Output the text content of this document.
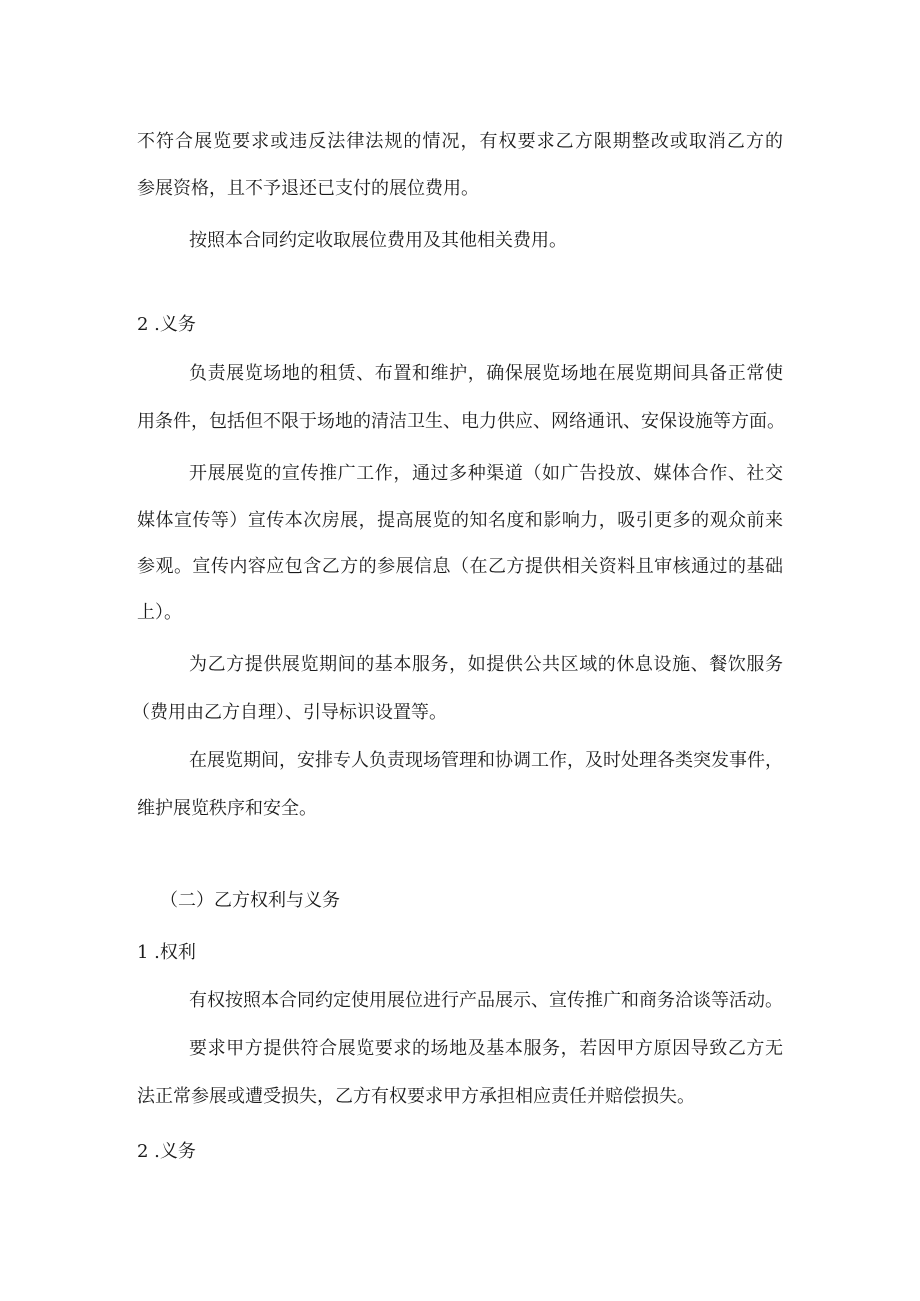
不符合展览要求或违反法律法规的情况，有权要求乙方限期整改或取消乙方的
参展资格，且不予退还已支付的展位费用。
按照本合同约定收取展位费用及其他相关费用。
2 .义务
负责展览场地的租赁、布置和维护，确保展览场地在展览期间具备正常使
用条件，包括但不限于场地的清洁卫生、电力供应、网络通讯、安保设施等方面。
开展展览的宣传推广工作，通过多种渠道（如广告投放、媒体合作、社交
媒体宣传等）宣传本次房展，提高展览的知名度和影响力，吸引更多的观众前来
参观。宣传内容应包含乙方的参展信息（在乙方提供相关资料且审核通过的基础
上）。
为乙方提供展览期间的基本服务，如提供公共区域的休息设施、餐饮服务
（费用由乙方自理）、引导标识设置等。
在展览期间，安排专人负责现场管理和协调工作，及时处理各类突发事件，
维护展览秩序和安全。
（二）乙方权利与义务
1 .权利
有权按照本合同约定使用展位进行产品展示、宣传推广和商务洽谈等活动。
要求甲方提供符合展览要求的场地及基本服务，若因甲方原因导致乙方无
法正常参展或遭受损失，乙方有权要求甲方承担相应责任并赔偿损失。
2 .义务
